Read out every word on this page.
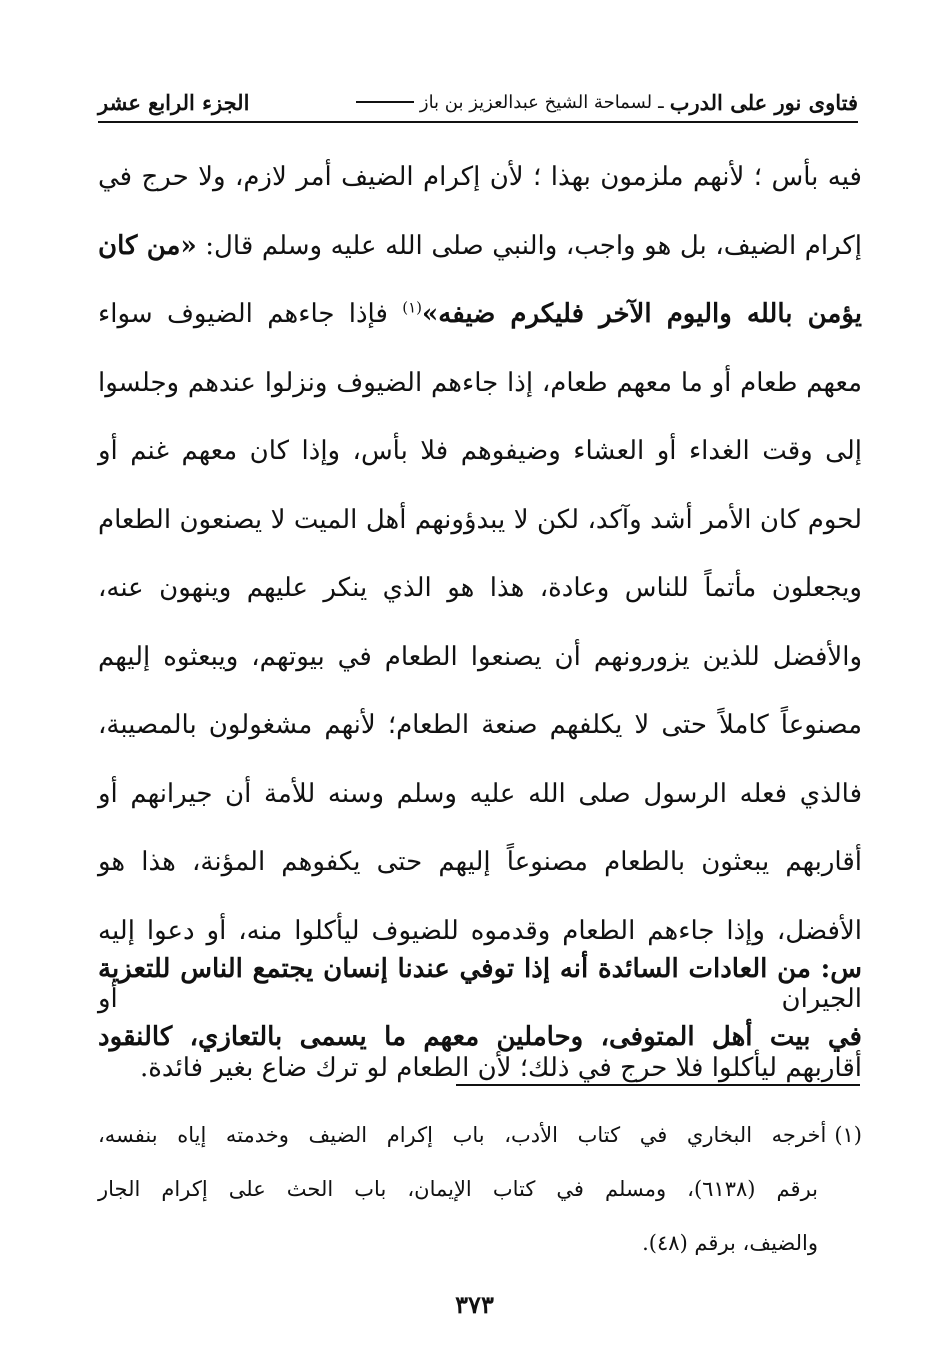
فتاوى نور على الدرب
ـ
لسماحة الشيخ عبدالعزيز بن باز
الجزء الرابع عشر

فيه بأس ؛ لأنهم ملزمون بهذا ؛ لأن إكرام الضيف أمر لازم، ولا حرج في إكرام الضيف، بل هو واجب، والنبي صلى الله عليه وسلم قال: «من كان يؤمن بالله واليوم الآخر فليكرم ضيفه»$^{(١)}$ فإذا جاءهم الضيوف سواء معهم طعام أو ما معهم طعام، إذا جاءهم الضيوف ونزلوا عندهم وجلسوا إلى وقت الغداء أو العشاء وضيفوهم فلا بأس، وإذا كان معهم غنم أو لحوم كان الأمر أشد وآكد، لكن لا يبدؤونهم أهل الميت لا يصنعون الطعام ويجعلون مأتماً للناس وعادة، هذا هو الذي ينكر عليهم وينهون عنه، والأفضل للذين يزورونهم أن يصنعوا الطعام في بيوتهم، ويبعثوه إليهم مصنوعاً كاملاً حتى لا يكلفهم صنعة الطعام؛ لأنهم مشغولون بالمصيبة، فالذي فعله الرسول صلى الله عليه وسلم وسنه للأمة أن جيرانهم أو أقاربهم يبعثون بالطعام مصنوعاً إليهم حتى يكفوهم المؤنة، هذا هو الأفضل، وإذا جاءهم الطعام وقدموه للضيوف ليأكلوا منه، أو دعوا إليه الجيران أو
أقاربهم ليأكلوا فلا حرج في ذلك؛ لأن الطعام لو ترك ضاع بغير فائدة.

س: من العادات السائدة أنه إذا توفي عندنا إنسان يجتمع الناس للتعزية في بيت أهل المتوفى، وحاملين معهم ما يسمى بالتعازي، كالنقود

(١)أخرجه البخاري في كتاب الأدب، باب إكرام الضيف وخدمته إياه بنفسه،
برقم (٦١٣٨)، ومسلم في كتاب الإيمان، باب الحث على إكرام الجار
والضيف، برقم (٤٨).

٣٧٣
